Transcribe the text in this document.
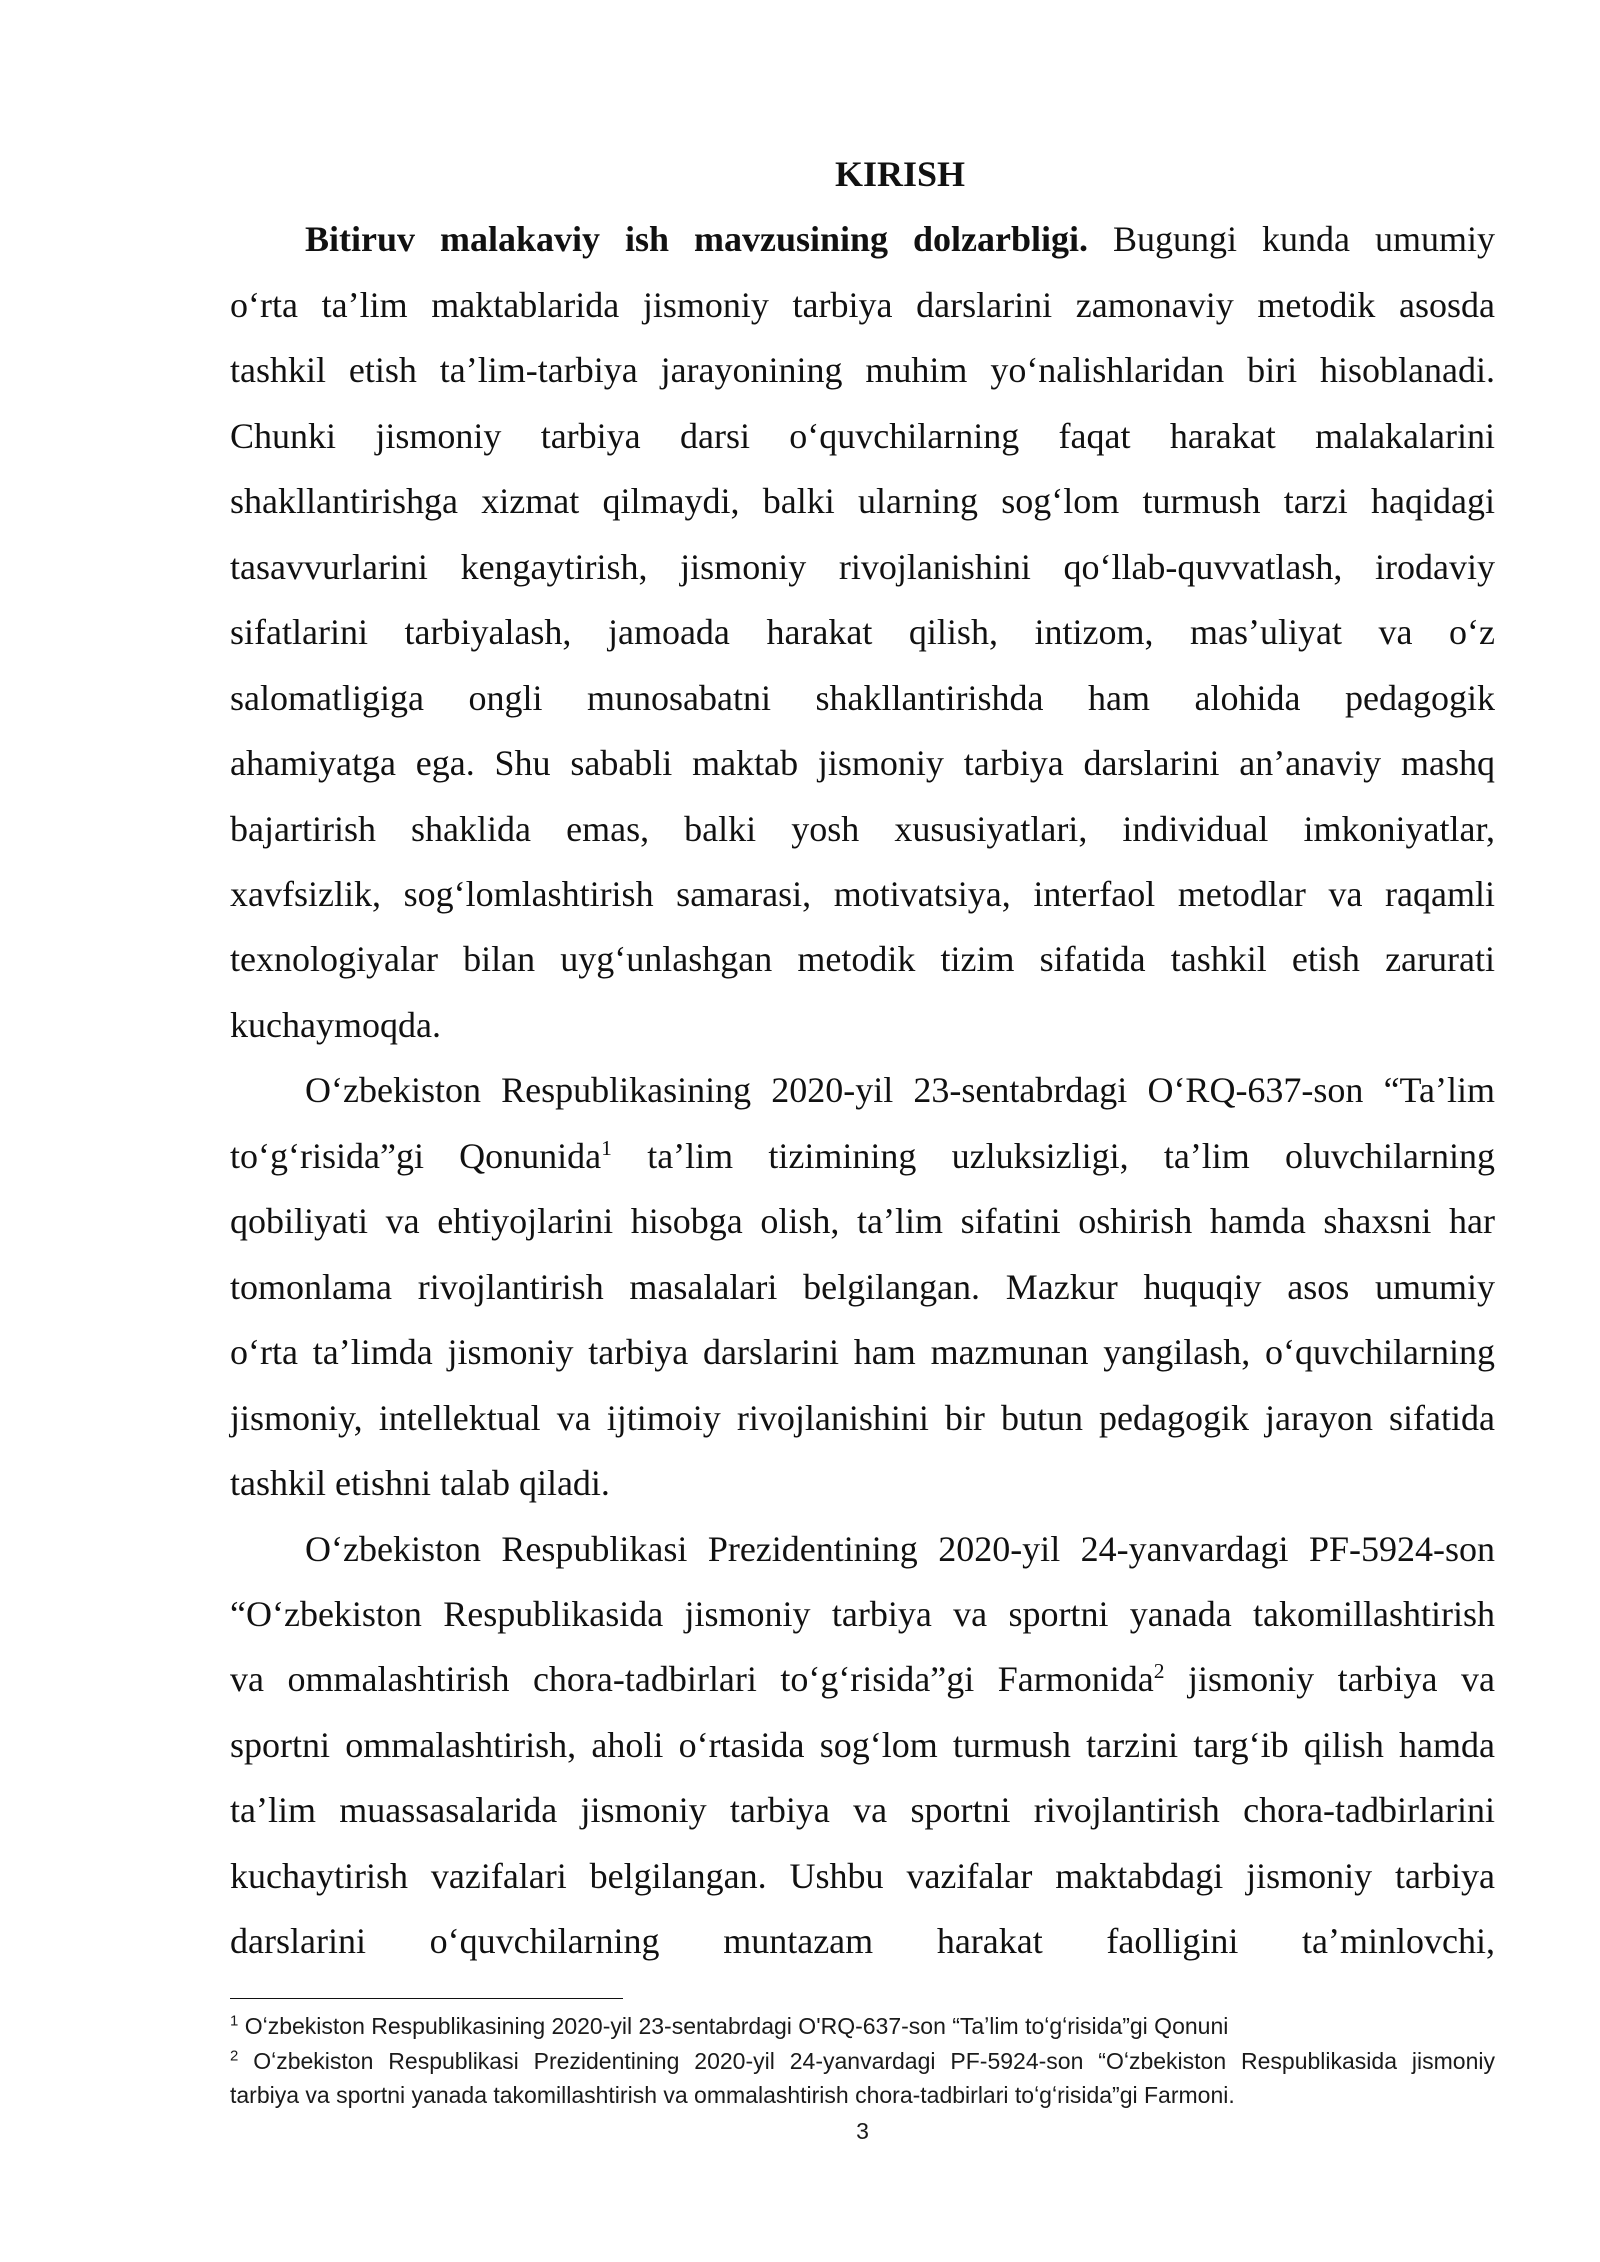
KIRISH
Bitiruv malakaviy ish mavzusining dolzarbligi. Bugungi kunda umumiy
oʻrta taʼlim maktablarida jismoniy tarbiya darslarini zamonaviy metodik asosda
tashkil etish taʼlim-tarbiya jarayonining muhim yoʻnalishlaridan biri hisoblanadi.
Chunki jismoniy tarbiya darsi oʻquvchilarning faqat harakat malakalarini
shakllantirishga xizmat qilmaydi, balki ularning sogʻlom turmush tarzi haqidagi
tasavvurlarini kengaytirish, jismoniy rivojlanishini qoʻllab-quvvatlash, irodaviy
sifatlarini tarbiyalash, jamoada harakat qilish, intizom, masʼuliyat va oʻz
salomatligiga ongli munosabatni shakllantirishda ham alohida pedagogik
ahamiyatga ega. Shu sababli maktab jismoniy tarbiya darslarini anʼanaviy mashq
bajartirish shaklida emas, balki yosh xususiyatlari, individual imkoniyatlar,
xavfsizlik, sogʻlomlashtirish samarasi, motivatsiya, interfaol metodlar va raqamli
texnologiyalar bilan uygʻunlashgan metodik tizim sifatida tashkil etish zarurati
kuchaymoqda.
Oʻzbekiston Respublikasining 2020-yil 23-sentabrdagi OʻRQ-637-son “Taʼlim
toʻgʻrisida”gi Qonunida$^1$ taʼlim tizimining uzluksizligi, taʼlim oluvchilarning
qobiliyati va ehtiyojlarini hisobga olish, taʼlim sifatini oshirish hamda shaxsni har
tomonlama rivojlantirish masalalari belgilangan. Mazkur huquqiy asos umumiy
oʻrta taʼlimda jismoniy tarbiya darslarini ham mazmunan yangilash, oʻquvchilarning
jismoniy, intellektual va ijtimoiy rivojlanishini bir butun pedagogik jarayon sifatida
tashkil etishni talab qiladi.
Oʻzbekiston Respublikasi Prezidentining 2020-yil 24-yanvardagi PF-5924-son
“Oʻzbekiston Respublikasida jismoniy tarbiya va sportni yanada takomillashtirish
va ommalashtirish chora-tadbirlari toʻgʻrisida”gi Farmonida$^2$ jismoniy tarbiya va
sportni ommalashtirish, aholi oʻrtasida sogʻlom turmush tarzini targʻib qilish hamda
taʼlim muassasalarida jismoniy tarbiya va sportni rivojlantirish chora-tadbirlarini
kuchaytirish vazifalari belgilangan. Ushbu vazifalar maktabdagi jismoniy tarbiya
darslarini oʻquvchilarning muntazam harakat faolligini taʼminlovchi,
$^1$ Oʻzbekiston Respublikasining 2020-yil 23-sentabrdagi O'RQ-637-son “Taʼlim toʻgʻrisida”gi Qonuni
$^2$ Oʻzbekiston Respublikasi Prezidentining 2020-yil 24-yanvardagi PF-5924-son “Oʻzbekiston Respublikasida jismoniy
tarbiya va sportni yanada takomillashtirish va ommalashtirish chora-tadbirlari toʻgʻrisida”gi Farmoni.
3
